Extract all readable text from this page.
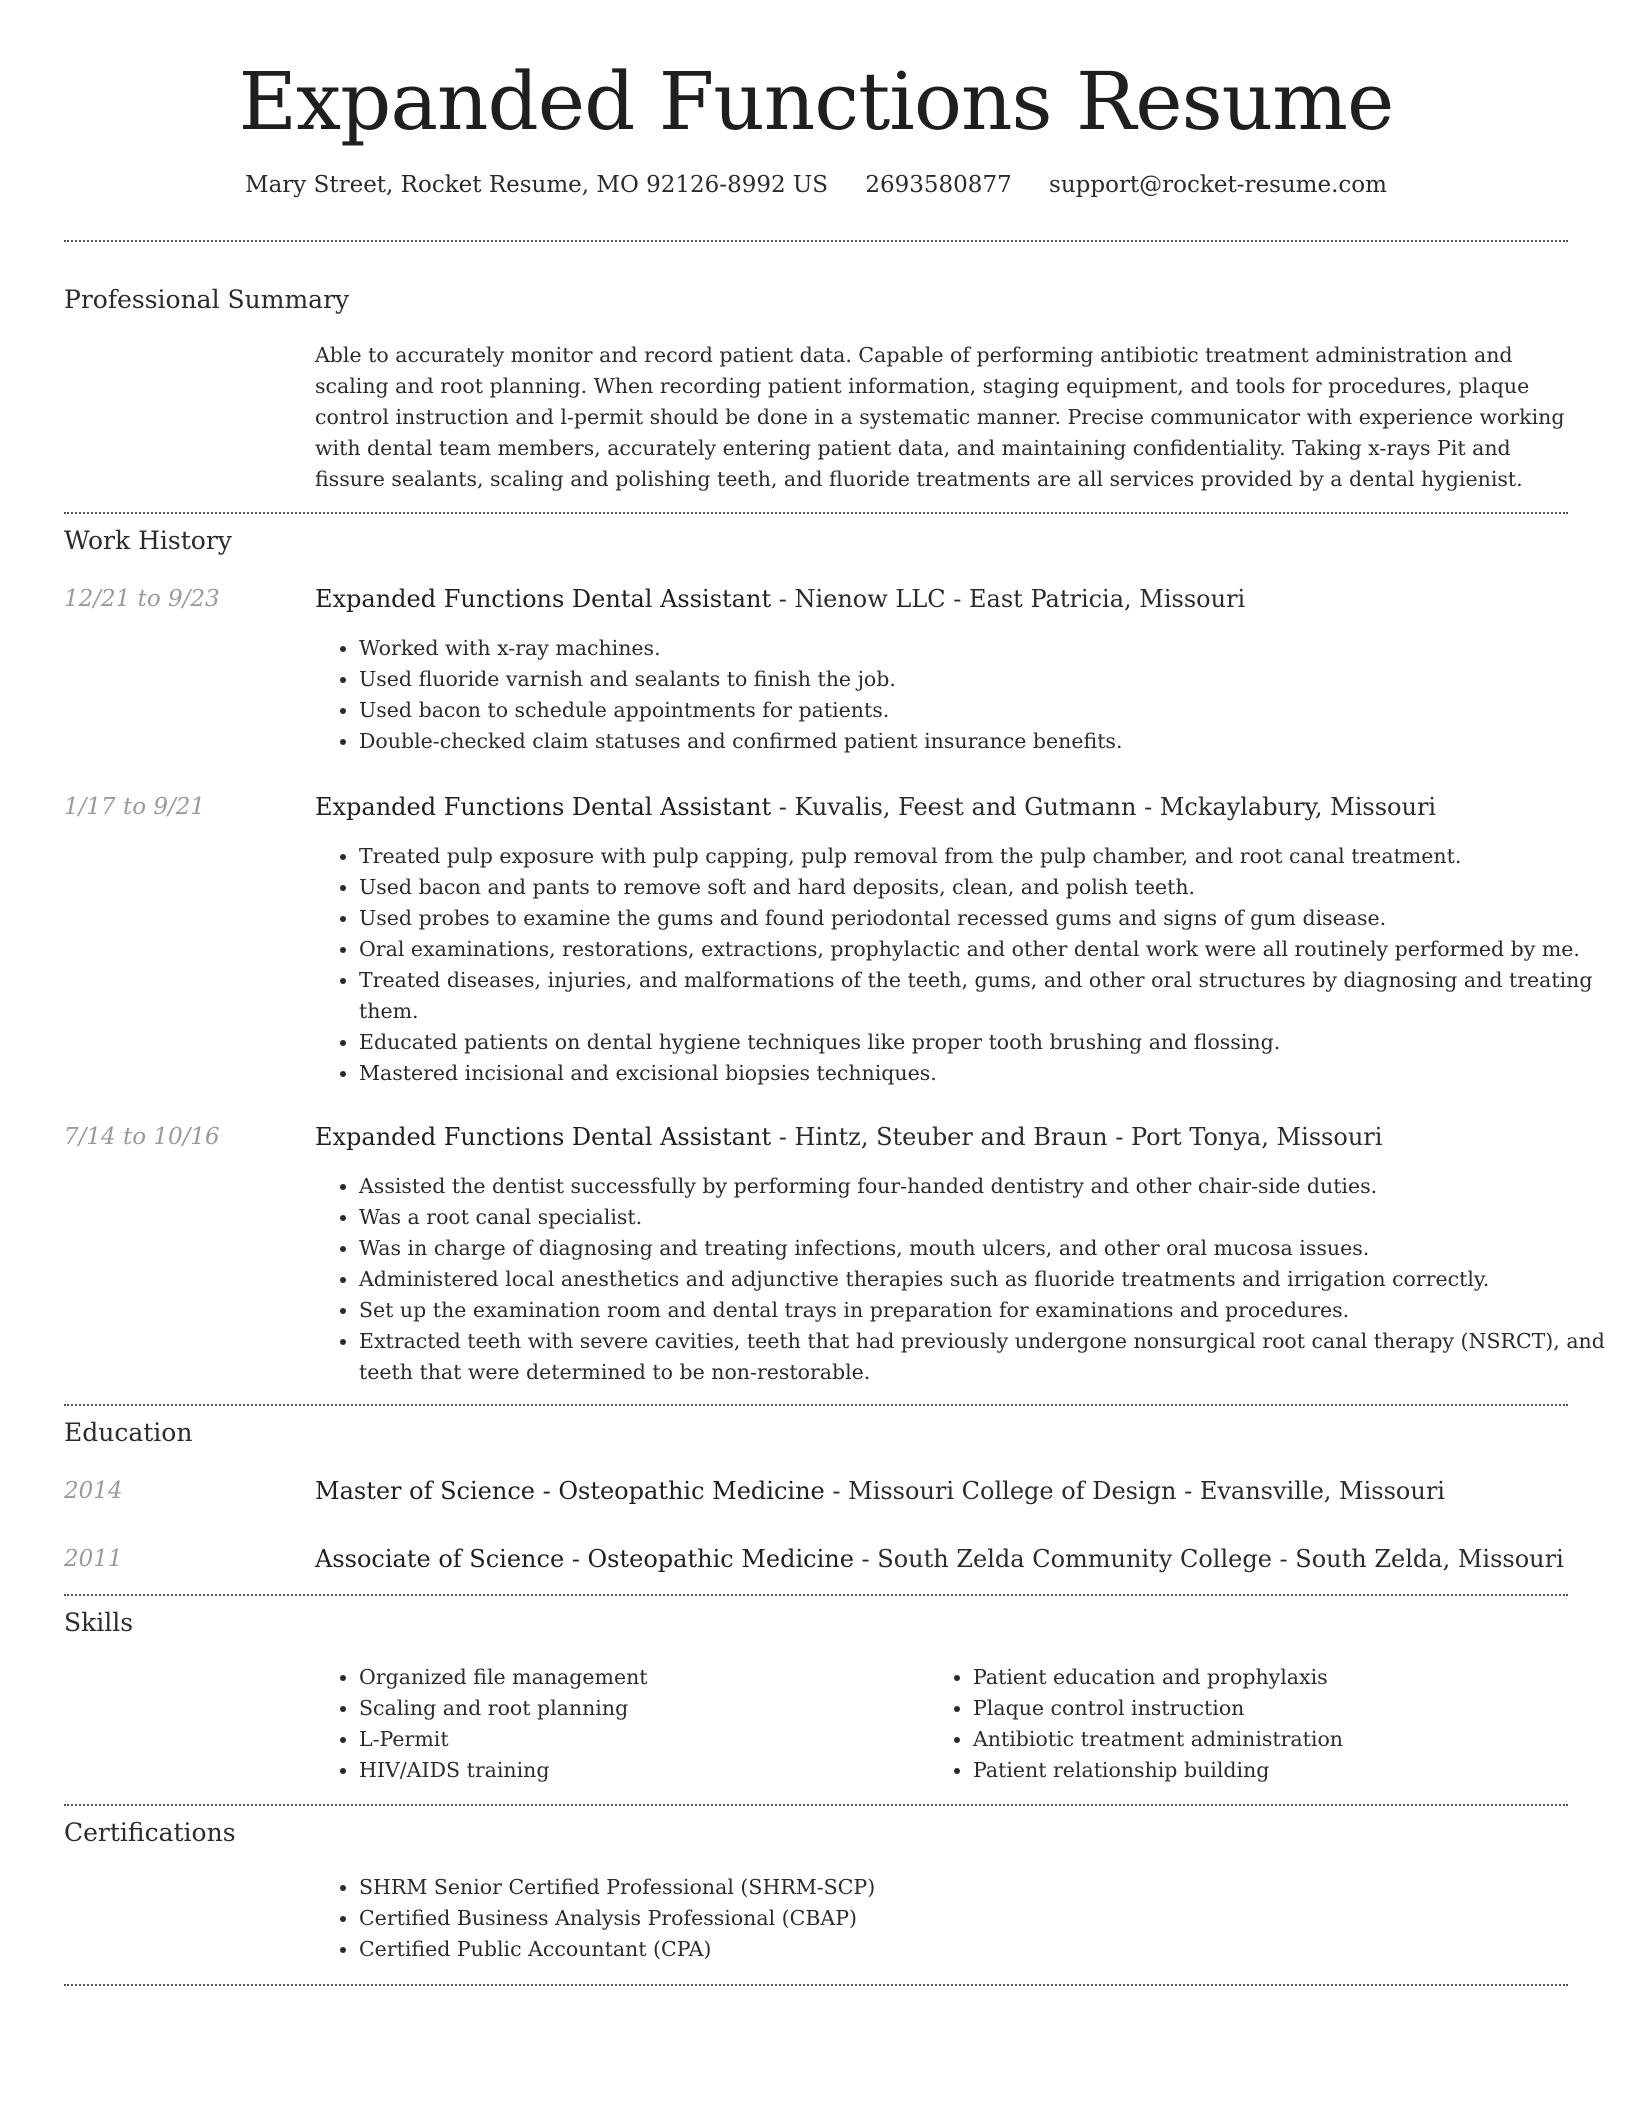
Expanded Functions Resume
Mary Street, Rocket Resume, MO 92126-8992 US 2693580877 support@rocket-resume.com
Professional Summary
Able to accurately monitor and record patient data. Capable of performing antibiotic treatment administration and scaling and root planning. When recording patient information, staging equipment, and tools for procedures, plaque control instruction and l-permit should be done in a systematic manner. Precise communicator with experience working with dental team members, accurately entering patient data, and maintaining confidentiality. Taking x-rays Pit and fissure sealants, scaling and polishing teeth, and fluoride treatments are all services provided by a dental hygienist.
Work History
12/21 to 9/23	Expanded Functions Dental Assistant - Nienow LLC - East Patricia, Missouri
• Worked with x-ray machines.
• Used fluoride varnish and sealants to finish the job.
• Used bacon to schedule appointments for patients.
• Double-checked claim statuses and confirmed patient insurance benefits.
1/17 to 9/21	Expanded Functions Dental Assistant - Kuvalis, Feest and Gutmann - Mckaylabury, Missouri
• Treated pulp exposure with pulp capping, pulp removal from the pulp chamber, and root canal treatment.
• Used bacon and pants to remove soft and hard deposits, clean, and polish teeth.
• Used probes to examine the gums and found periodontal recessed gums and signs of gum disease.
• Oral examinations, restorations, extractions, prophylactic and other dental work were all routinely performed by me.
• Treated diseases, injuries, and malformations of the teeth, gums, and other oral structures by diagnosing and treating them.
• Educated patients on dental hygiene techniques like proper tooth brushing and flossing.
• Mastered incisional and excisional biopsies techniques.
7/14 to 10/16	Expanded Functions Dental Assistant - Hintz, Steuber and Braun - Port Tonya, Missouri
• Assisted the dentist successfully by performing four-handed dentistry and other chair-side duties.
• Was a root canal specialist.
• Was in charge of diagnosing and treating infections, mouth ulcers, and other oral mucosa issues.
• Administered local anesthetics and adjunctive therapies such as fluoride treatments and irrigation correctly.
• Set up the examination room and dental trays in preparation for examinations and procedures.
• Extracted teeth with severe cavities, teeth that had previously undergone nonsurgical root canal therapy (NSRCT), and teeth that were determined to be non-restorable.
Education
2014	Master of Science - Osteopathic Medicine - Missouri College of Design - Evansville, Missouri
2011	Associate of Science - Osteopathic Medicine - South Zelda Community College - South Zelda, Missouri
Skills
• Organized file management
• Scaling and root planning
• L-Permit
• HIV/AIDS training
• Patient education and prophylaxis
• Plaque control instruction
• Antibiotic treatment administration
• Patient relationship building
Certifications
• SHRM Senior Certified Professional (SHRM-SCP)
• Certified Business Analysis Professional (CBAP)
• Certified Public Accountant (CPA)
